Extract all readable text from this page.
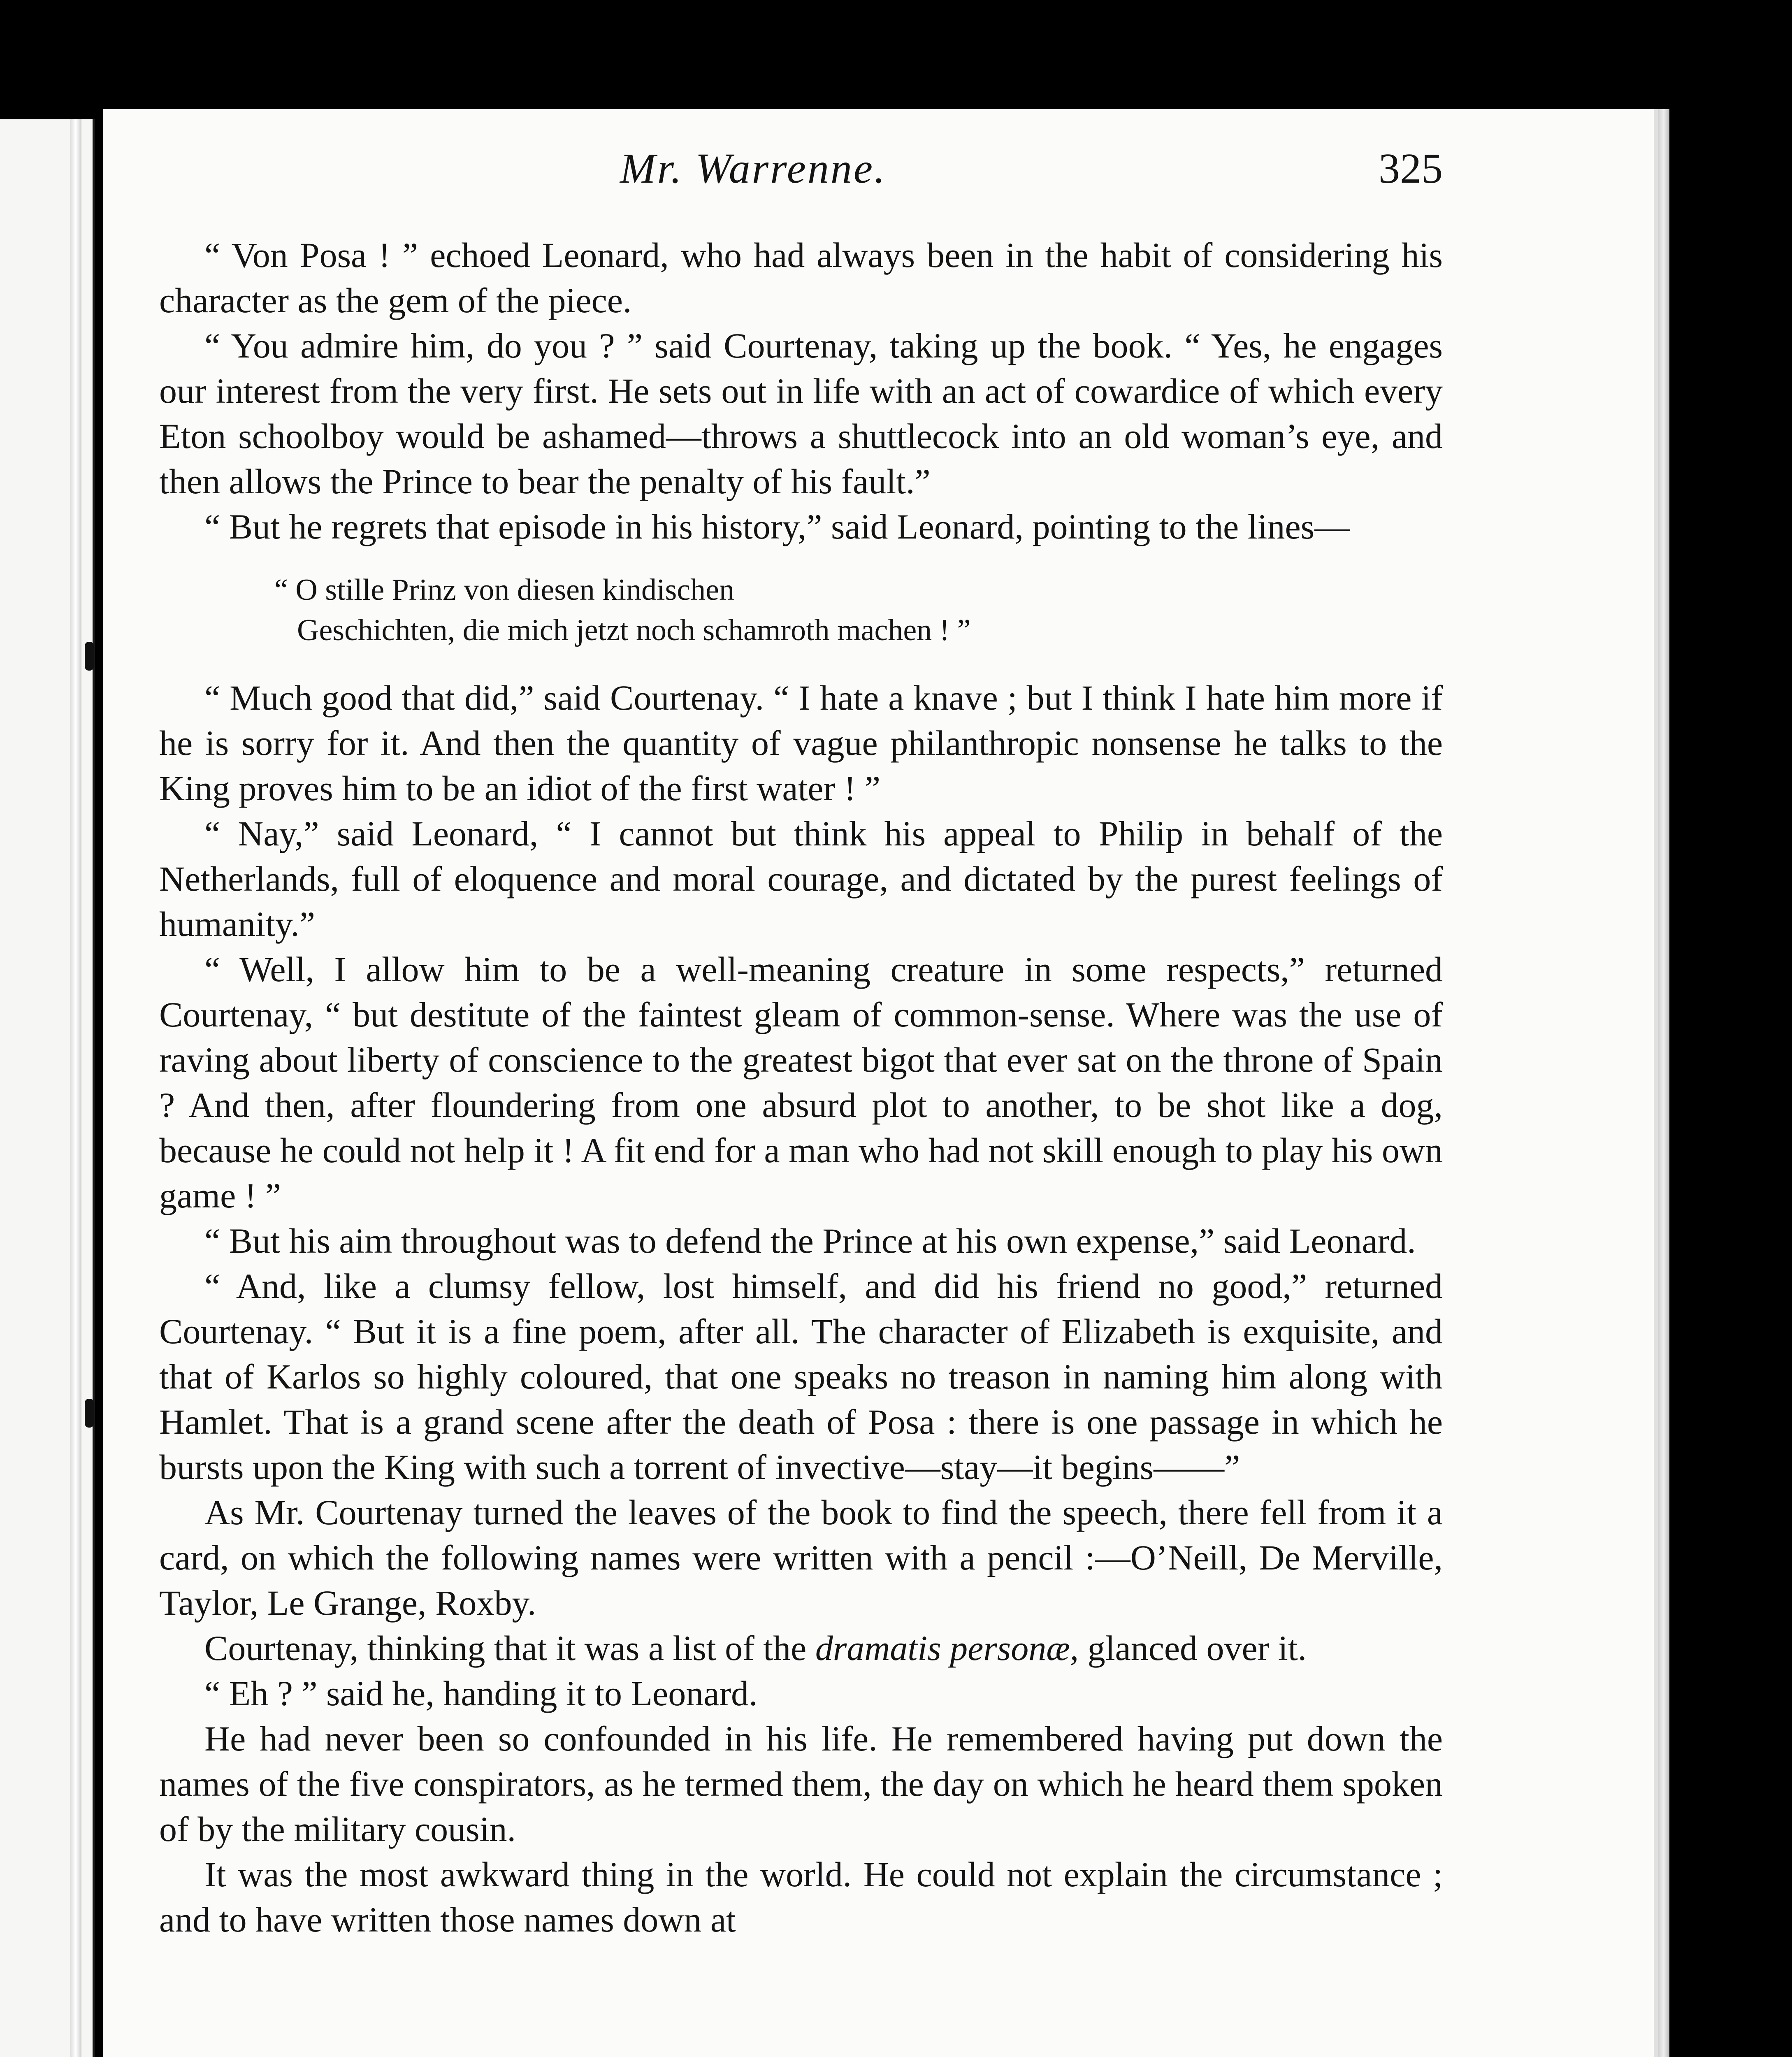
Mr. Warrenne.	325

“ Von Posa ! ” echoed Leonard, who had always been in the habit of considering his character as the gem of the piece.

“ You admire him, do you ? ” said Courtenay, taking up the book. “ Yes, he engages our interest from the very first. He sets out in life with an act of cowardice of which every Eton schoolboy would be ashamed—throws a shuttlecock into an old woman’s eye, and then allows the Prince to bear the penalty of his fault.”

“ But he regrets that episode in his history,” said Leonard, pointing to the lines—

“ O stille Prinz von diesen kindischen
Geschichten, die mich jetzt noch schamroth machen ! ”

“ Much good that did,” said Courtenay. “ I hate a knave ; but I think I hate him more if he is sorry for it. And then the quantity of vague philanthropic nonsense he talks to the King proves him to be an idiot of the first water ! ”

“ Nay,” said Leonard, “ I cannot but think his appeal to Philip in behalf of the Netherlands, full of eloquence and moral courage, and dictated by the purest feelings of humanity.”

“ Well, I allow him to be a well-meaning creature in some respects,” returned Courtenay, “ but destitute of the faintest gleam of common-sense. Where was the use of raving about liberty of conscience to the greatest bigot that ever sat on the throne of Spain ? And then, after floundering from one absurd plot to another, to be shot like a dog, because he could not help it ! A fit end for a man who had not skill enough to play his own game ! ”

“ But his aim throughout was to defend the Prince at his own expense,” said Leonard.

“ And, like a clumsy fellow, lost himself, and did his friend no good,” returned Courtenay. “ But it is a fine poem, after all. The character of Elizabeth is exquisite, and that of Karlos so highly coloured, that one speaks no treason in naming him along with Hamlet. That is a grand scene after the death of Posa : there is one passage in which he bursts upon the King with such a torrent of invective—stay—it begins——”

As Mr. Courtenay turned the leaves of the book to find the speech, there fell from it a card, on which the following names were written with a pencil :—O’Neill, De Merville, Taylor, Le Grange, Roxby.

Courtenay, thinking that it was a list of the dramatis personæ, glanced over it.

“ Eh ? ” said he, handing it to Leonard.

He had never been so confounded in his life. He remembered having put down the names of the five conspirators, as he termed them, the day on which he heard them spoken of by the military cousin.

It was the most awkward thing in the world. He could not explain the circumstance ; and to have written those names down at
